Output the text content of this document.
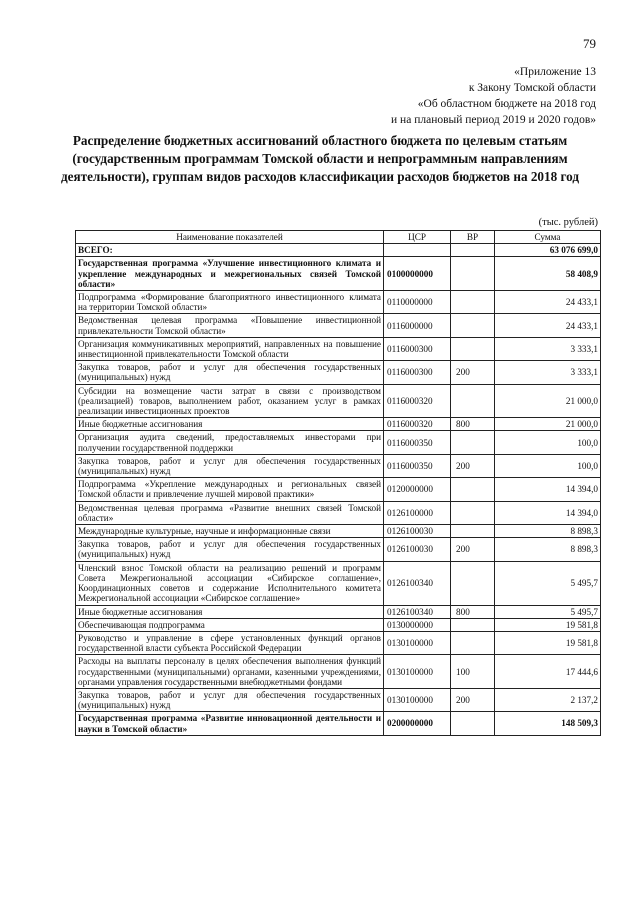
79
«Приложение 13
к Закону Томской области
«Об областном бюджете на 2018 год
и на плановый период 2019 и 2020 годов»
Распределение бюджетных ассигнований областного бюджета по целевым статьям (государственным программам Томской области и непрограммным направлениям деятельности), группам видов расходов классификации расходов бюджетов на 2018 год
(тыс. рублей)
Наименование показателей	ЦСР	ВР	Сумма
ВСЕГО:			63 076 699,0
Государственная программа «Улучшение инвестиционного климата и укрепление международных и межрегиональных связей Томской области»	0100000000		58 408,9
Подпрограмма «Формирование благоприятного инвестиционного климата на территории Томской области»	0110000000		24 433,1
Ведомственная целевая программа «Повышение инвестиционной привлекательности Томской области»	0116000000		24 433,1
Организация коммуникативных мероприятий, направленных на повышение инвестиционной привлекательности Томской области	0116000300		3 333,1
Закупка товаров, работ и услуг для обеспечения государственных (муниципальных) нужд	0116000300	200	3 333,1
Субсидии на возмещение части затрат в связи с производством (реализацией) товаров, выполнением работ, оказанием услуг в рамках реализации инвестиционных проектов	0116000320		21 000,0
Иные бюджетные ассигнования	0116000320	800	21 000,0
Организация аудита сведений, предоставляемых инвесторами при получении государственной поддержки	0116000350		100,0
Закупка товаров, работ и услуг для обеспечения государственных (муниципальных) нужд	0116000350	200	100,0
Подпрограмма «Укрепление международных и региональных связей Томской области и привлечение лучшей мировой практики»	0120000000		14 394,0
Ведомственная целевая программа «Развитие внешних связей Томской области»	0126100000		14 394,0
Международные культурные, научные и информационные связи	0126100030		8 898,3
Закупка товаров, работ и услуг для обеспечения государственных (муниципальных) нужд	0126100030	200	8 898,3
Членский взнос Томской области на реализацию решений и программ Совета Межрегиональной ассоциации «Сибирское соглашение», Координационных советов и содержание Исполнительного комитета Межрегиональной ассоциации «Сибирское соглашение»	0126100340		5 495,7
Иные бюджетные ассигнования	0126100340	800	5 495,7
Обеспечивающая подпрограмма	0130000000		19 581,8
Руководство и управление в сфере установленных функций органов государственной власти субъекта Российской Федерации	0130100000		19 581,8
Расходы на выплаты персоналу в целях обеспечения выполнения функций государственными (муниципальными) органами, казенными учреждениями, органами управления государственными внебюджетными фондами	0130100000	100	17 444,6
Закупка товаров, работ и услуг для обеспечения государственных (муниципальных) нужд	0130100000	200	2 137,2
Государственная программа «Развитие инновационной деятельности и науки в Томской области»	0200000000		148 509,3
